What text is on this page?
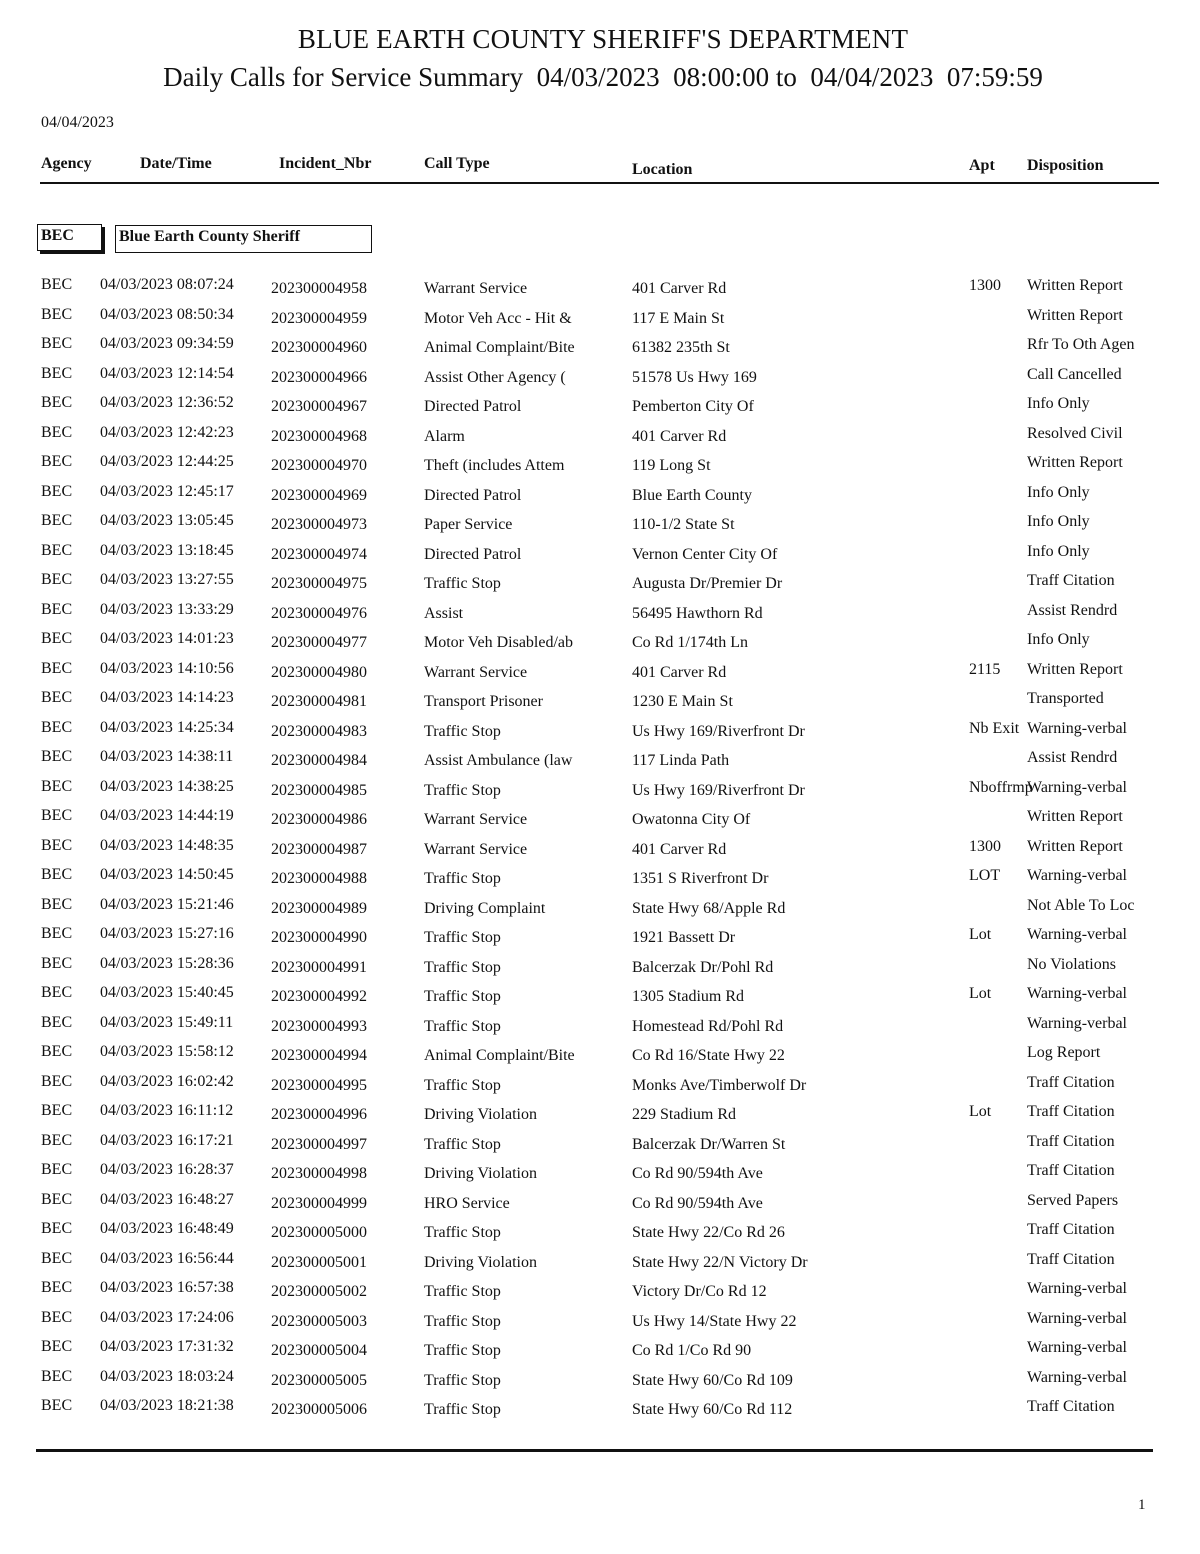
BLUE EARTH COUNTY SHERIFF'S DEPARTMENT
Daily Calls for Service Summary  04/03/2023  08:00:00 to  04/04/2023  07:59:59
04/04/2023
Agency	Date/Time	Incident_Nbr	Call Type	Location	Apt Disposition
BEC	Blue Earth County Sheriff
BEC 04/03/2023 08:07:24 202300004958	Warrant Service	401 Carver Rd	1300 Written Report
BEC 04/03/2023 08:50:34 202300004959	Motor Veh Acc - Hit &	117 E Main St	Written Report
BEC 04/03/2023 09:34:59 202300004960	Animal Complaint/Bite	61382 235th St	Rfr To Oth Agen
BEC 04/03/2023 12:14:54 202300004966	Assist Other Agency (	51578 Us Hwy 169	Call Cancelled
BEC 04/03/2023 12:36:52 202300004967	Directed Patrol	Pemberton City Of	Info Only
BEC 04/03/2023 12:42:23 202300004968	Alarm	401 Carver Rd	Resolved Civil
BEC 04/03/2023 12:44:25 202300004970	Theft (includes Attem	119 Long St	Written Report
BEC 04/03/2023 12:45:17 202300004969	Directed Patrol	Blue Earth County	Info Only
BEC 04/03/2023 13:05:45 202300004973	Paper Service	110-1/2 State St	Info Only
BEC 04/03/2023 13:18:45 202300004974	Directed Patrol	Vernon Center City Of	Info Only
BEC 04/03/2023 13:27:55 202300004975	Traffic Stop	Augusta Dr/Premier Dr	Traff Citation
BEC 04/03/2023 13:33:29 202300004976	Assist	56495 Hawthorn Rd	Assist Rendrd
BEC 04/03/2023 14:01:23 202300004977	Motor Veh Disabled/ab	Co Rd 1/174th Ln	Info Only
BEC 04/03/2023 14:10:56 202300004980	Warrant Service	401 Carver Rd	2115 Written Report
BEC 04/03/2023 14:14:23 202300004981	Transport Prisoner	1230 E Main St	Transported
BEC 04/03/2023 14:25:34 202300004983	Traffic Stop	Us Hwy 169/Riverfront Dr	Nb Exit Warning-verbal
BEC 04/03/2023 14:38:11 202300004984	Assist Ambulance (law	117 Linda Path	Assist Rendrd
BEC 04/03/2023 14:38:25 202300004985	Traffic Stop	Us Hwy 169/Riverfront Dr	Nboffrmp
Warning-verbal
BEC 04/03/2023 14:44:19 202300004986	Warrant Service	Owatonna City Of	Written Report
BEC 04/03/2023 14:48:35 202300004987	Warrant Service	401 Carver Rd	1300 Written Report
BEC 04/03/2023 14:50:45 202300004988	Traffic Stop	1351 S Riverfront Dr	LOT Warning-verbal
BEC 04/03/2023 15:21:46 202300004989	Driving Complaint	State Hwy 68/Apple Rd	Not Able To Loc
BEC 04/03/2023 15:27:16 202300004990	Traffic Stop	1921 Bassett Dr	Lot Warning-verbal
BEC 04/03/2023 15:28:36 202300004991	Traffic Stop	Balcerzak Dr/Pohl Rd	No Violations
BEC 04/03/2023 15:40:45 202300004992	Traffic Stop	1305 Stadium Rd	Lot Warning-verbal
BEC 04/03/2023 15:49:11 202300004993	Traffic Stop	Homestead Rd/Pohl Rd	Warning-verbal
BEC 04/03/2023 15:58:12 202300004994	Animal Complaint/Bite	Co Rd 16/State Hwy 22	Log Report
BEC 04/03/2023 16:02:42 202300004995	Traffic Stop	Monks Ave/Timberwolf Dr	Traff Citation
BEC 04/03/2023 16:11:12 202300004996	Driving Violation	229 Stadium Rd	Lot Traff Citation
BEC 04/03/2023 16:17:21 202300004997	Traffic Stop	Balcerzak Dr/Warren St	Traff Citation
BEC 04/03/2023 16:28:37 202300004998	Driving Violation	Co Rd 90/594th Ave	Traff Citation
BEC 04/03/2023 16:48:27 202300004999	HRO Service	Co Rd 90/594th Ave	Served Papers
BEC 04/03/2023 16:48:49 202300005000	Traffic Stop	State Hwy 22/Co Rd 26	Traff Citation
BEC 04/03/2023 16:56:44 202300005001	Driving Violation	State Hwy 22/N Victory Dr	Traff Citation
BEC 04/03/2023 16:57:38 202300005002	Traffic Stop	Victory Dr/Co Rd 12	Warning-verbal
BEC 04/03/2023 17:24:06 202300005003	Traffic Stop	Us Hwy 14/State Hwy 22	Warning-verbal
BEC 04/03/2023 17:31:32 202300005004	Traffic Stop	Co Rd 1/Co Rd 90	Warning-verbal
BEC 04/03/2023 18:03:24 202300005005	Traffic Stop	State Hwy 60/Co Rd 109	Warning-verbal
BEC 04/03/2023 18:21:38 202300005006	Traffic Stop	State Hwy 60/Co Rd 112	Traff Citation
1
